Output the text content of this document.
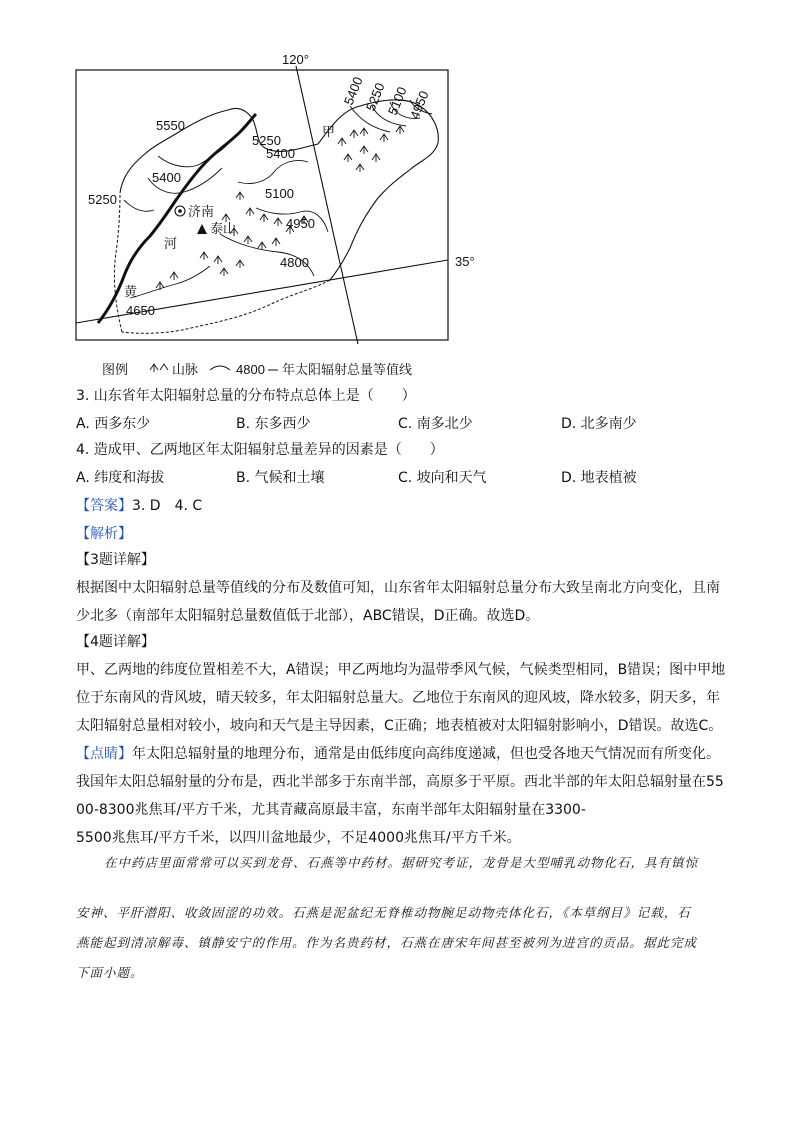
120°
35°
5550
5250
5250
5400
5400
5100
4950
4800
4650
5400
5250
5100
4950
济南
泰山
河
黄
甲
图例	山脉	4800 年太阳辐射总量等值线
3. 山东省年太阳辐射总量的分布特点总体上是（　　）
A. 西多东少	B. 东多西少	C. 南多北少	D. 北多南少
4. 造成甲、乙两地区年太阳辐射总量差异的因素是（　　）
A. 纬度和海拔	B. 气候和土壤	C. 坡向和天气	D. 地表植被
【答案】3. D　4. C
【解析】
【3题详解】
根据图中太阳辐射总量等值线的分布及数值可知，山东省年太阳辐射总量分布大致呈南北方向变化，且南
少北多（南部年太阳辐射总量数值低于北部），ABC错误，D正确。故选D。
【4题详解】
甲、乙两地的纬度位置相差不大，A错误；甲乙两地均为温带季风气候，气候类型相同，B错误；图中甲地
位于东南风的背风坡，晴天较多，年太阳辐射总量大。乙地位于东南风的迎风坡，降水较多，阴天多，年
太阳辐射总量相对较小，坡向和天气是主导因素，C正确；地表植被对太阳辐射影响小，D错误。故选C。
【点睛】年太阳总辐射量的地理分布，通常是由低纬度向高纬度递减，但也受各地天气情况而有所变化。
我国年太阳总辐射量的分布是，西北半部多于东南半部，高原多于平原。西北半部的年太阳总辐射量在55
00-8300兆焦耳/平方千米，尤其青藏高原最丰富，东南半部年太阳辐射量在3300-
5500兆焦耳/平方千米，以四川盆地最少，不足4000兆焦耳/平方千米。
在中药店里面常常可以买到龙骨、石燕等中药材。据研究考证，龙骨是大型哺乳动物化石，具有镇惊
安神、平肝潜阳、收敛固涩的功效。石燕是泥盆纪无脊椎动物腕足动物壳体化石，《本草纲目》记载，石
燕能起到清凉解毒、镇静安宁的作用。作为名贵药材，石燕在唐宋年间甚至被列为进宫的贡品。据此完成
下面小题。
